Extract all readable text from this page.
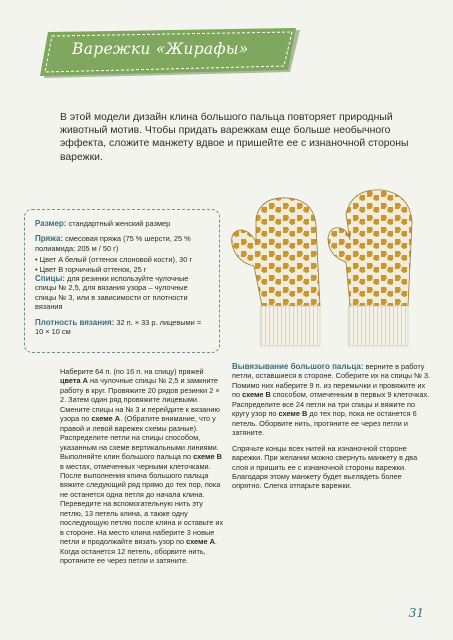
Варежки «Жирафы»
В этой модели дизайн клина большого пальца повторяет природный животный мотив. Чтобы придать варежкам еще больше необычного эффекта, сложите манжету вдвое и пришейте ее с изнаночной стороны варежки.
Размер: стандартный женский размер
Пряжа: смесовая пряжа (75 % шерсти, 25 % полиамида; 205 м / 50 г)
• Цвет A белый (оттенок слоновой кости), 30 г
• Цвет B горчичный оттенок, 25 г
Спицы: для резинки используйте чулочные спицы № 2,5, для вязания узора – чулочные спицы № 3, или в зависимости от плотности вязания
Плотность вязания: 32 п. × 33 р. лицевыми = 10 × 10 см

Наберите 64 п. (по 16 п. на спицу) пряжей цвета A на чулочные спицы № 2,5 и замкните работу в круг. Провяжите 20 рядов резинки 2 × 2. Затем один ряд провяжите лицевыми. Смените спицы на № 3 и перейдите к вязанию узора по схеме A. (Обратите внимание, что у правой и левой варежек схемы разные). Распределите петли на спицы способом, указанным на схеме вертикальными линиями. Выполняйте клин большого пальца по схеме B в местах, отмеченных черными клеточками. После выполнения клина большого пальца вяжите следующий ряд прямо до тех пор, пока не останется одна петля до начала клина. Переведите на вспомогательную нить эту петлю, 13 петель клина, а также одну последующую петлю после клина и оставьте их в стороне. На место клина наберите 3 новые петли и продолжайте вязать узор по схеме A. Когда останется 12 петель, оборвите нить, протяните ее через петли и затяните.

Вывязывание большого пальца: верните в работу петли, оставшиеся в стороне. Соберите их на спицы № 3. Помимо них наберите 9 п. из перемычки и провяжите их по схеме B способом, отмеченным в первых 9 клеточках. Распределите все 24 петли на три спицы и вяжите по кругу узор по схеме B до тех пор, пока не останется 6 петель. Оборвите нить, протяните ее через петли и затяните.

Спрячьте концы всех нитей на изнаночной стороне варежки. При желании можно свернуть манжету в два слоя и пришить ее с изнаночной стороны варежки. Благодаря этому манжету будет выглядеть более опрятно. Слегка отпарьте варежки.

31
